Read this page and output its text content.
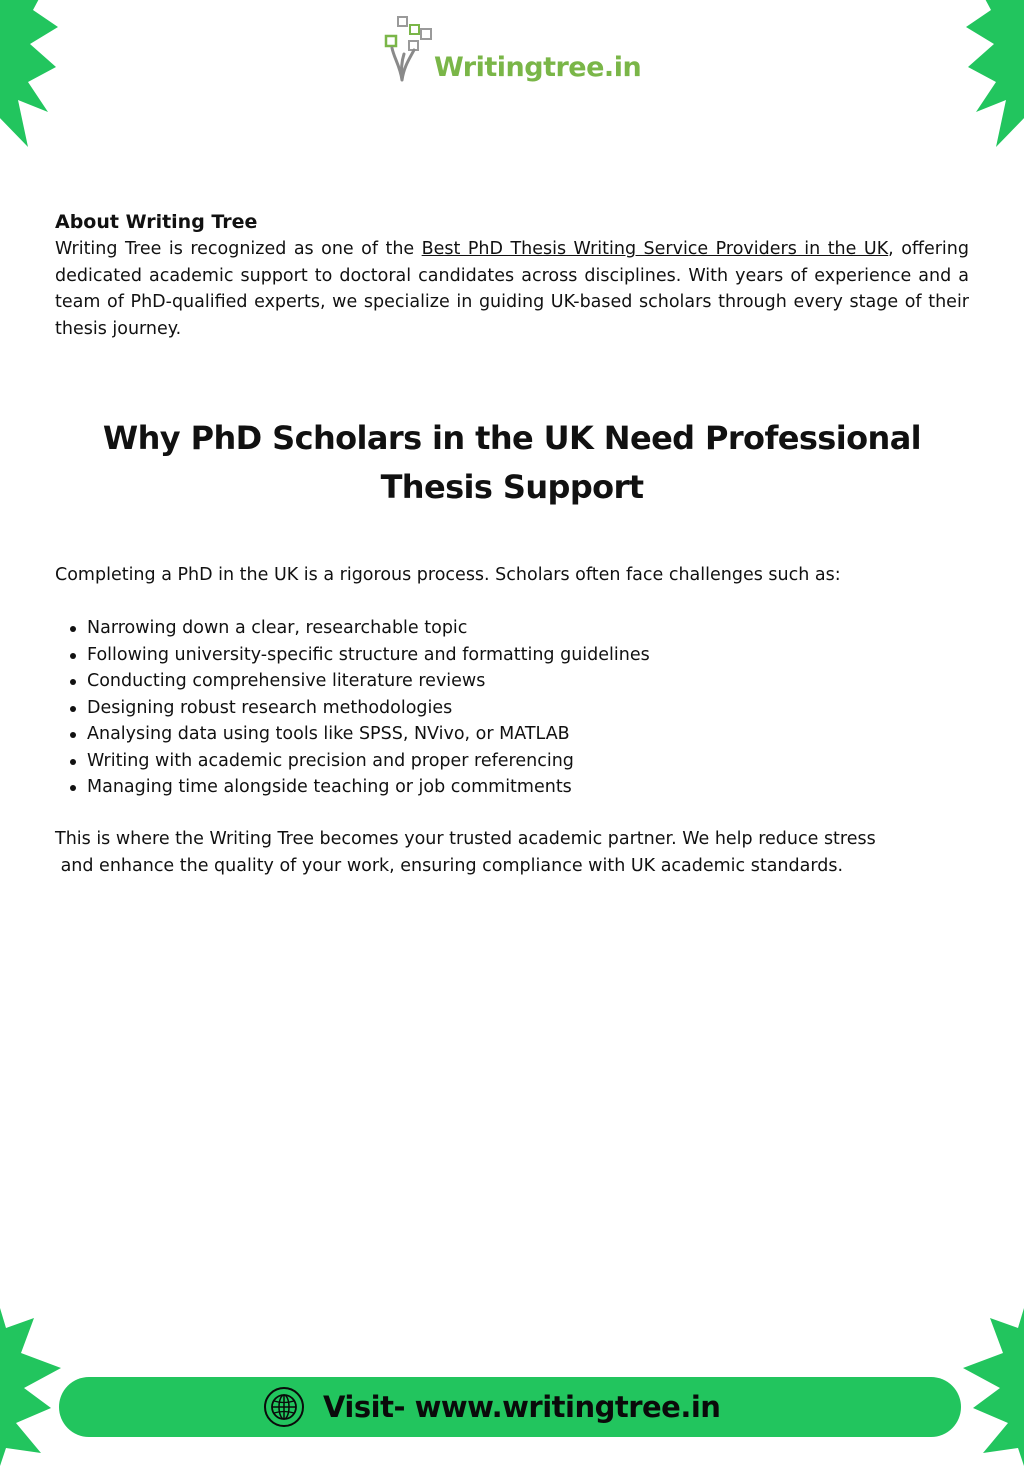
Writingtree.in
About Writing Tree

Writing Tree is recognized as one of the Best PhD Thesis Writing Service Providers in the UK, offering dedicated academic support to doctoral candidates across disciplines. With years of experience and a team of PhD-qualified experts, we specialize in guiding UK-based scholars through every stage of their thesis journey.

Why PhD Scholars in the UK Need Professional
Thesis Support

Completing a PhD in the UK is a rigorous process. Scholars often face challenges such as:

Narrowing down a clear, researchable topic
Following university-specific structure and formatting guidelines
Conducting comprehensive literature reviews
Designing robust research methodologies
Analysing data using tools like SPSS, NVivo, or MATLAB
Writing with academic precision and proper referencing
Managing time alongside teaching or job commitments

This is where the Writing Tree becomes your trusted academic partner. We help reduce stress
and enhance the quality of your work, ensuring compliance with UK academic standards.

Visit- www.writingtree.in
